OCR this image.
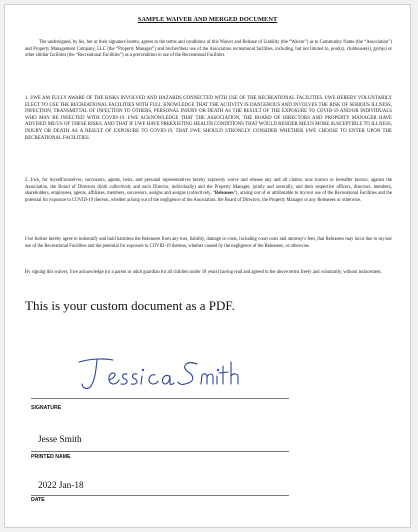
SAMPLE WAIVER AND MERGED DOCUMENT
The undersigned, by his, her or their signature hereto, agrees to the terms and conditions of this Waiver and Release of Liability (the “Waiver”) as to Community Name (the “Association”) and Property Management Company, LLC (the “Property Manager”) and his/her/their use of the Association recreational facilities, including, but not limited to, pool(s), clubhouse(s), gym(s) or other similar facilities (the “Recreational Facilities”) as a precondition to use of the Recreational Facilities.
1. I/WE AM FULLY AWARE OF THE RISKS INVOLVED AND HAZARDS CONNECTED WITH USE OF THE RECREATIONAL FACILITIES. I/WE HEREBY VOLUNTARILY ELECT TO USE THE RECREATIONAL FACILITIES WITH FULL KNOWLEDGE THAT THE ACTIVITY IS DANGEROUS AND INVOLVES THE RISK OF SERIOUS ILLNESS, INFECTION, TRANSMITTAL OF INFECTION TO OTHERS, PERSONAL INJURY OR DEATH AS THE RESULT OF THE EXPOSURE TO COVID-19 AND/OR INDIVIDUALS WHO MAY BE INFECTED WITH COVID-19. I/WE ACKNOWLEDGE THAT THE ASSOCIATION, THE BOARD OF DIRECTORS AND PROPERTY MANAGER HAVE ADVISED ME/US OF THESE RISKS, AND THAT IF I/WE HAVE PREEXISTING HEALTH CONDITIONS THAT WOULD RENDER ME/US MORE SUSCEPTIBLE TO ILLNESS, INJURY OR DEATH AS A RESULT OF EXPOSURE TO COVID-19, THAT I/WE SHOULD STRONGLY CONSIDER WHETHER I/WE CHOOSE TO ENTER UPON THE RECREATIONAL FACILITIES.
2. I/we, for myself/ourselves, successors, agents, heirs, and personal representatives hereby expressly waive and release any and all claims, now known or hereafter known, against the Association, the Board of Directors (both collectively and each Director, individually) and the Property Manager, jointly and severally, and their respective officers, directors, members, shareholders, employees, agents, affiliates, members, successors, assigns and assigns (collectively, “Releasees”), arising out of or attributable to my/our use of the Recreational Facilities and the potential for exposure to COVID-19 thereon, whether arising out of the negligence of the Association, the Board of Directors, the Property Manager or any Releasees or otherwise.
I/we further hereby agree to indemnify and hold harmless the Releasees from any loss, liability, damage or costs, including court costs and attorney’s fees, that Releasees may incur due to my/our use of the Recreational Facilities and the potential for exposure to COVID-19 thereon, whether caused by the negligence of the Releasees, or otherwise.
By signing this waiver, I/we acknowledge (or a parent or adult guardian for all children under 18 years) having read and agreed to the above terms freely and voluntarily, without inducement.
This is your custom document as a PDF.
SIGNATURE
Jesse Smith
PRINTED NAME
2022 Jan-18
DATE
